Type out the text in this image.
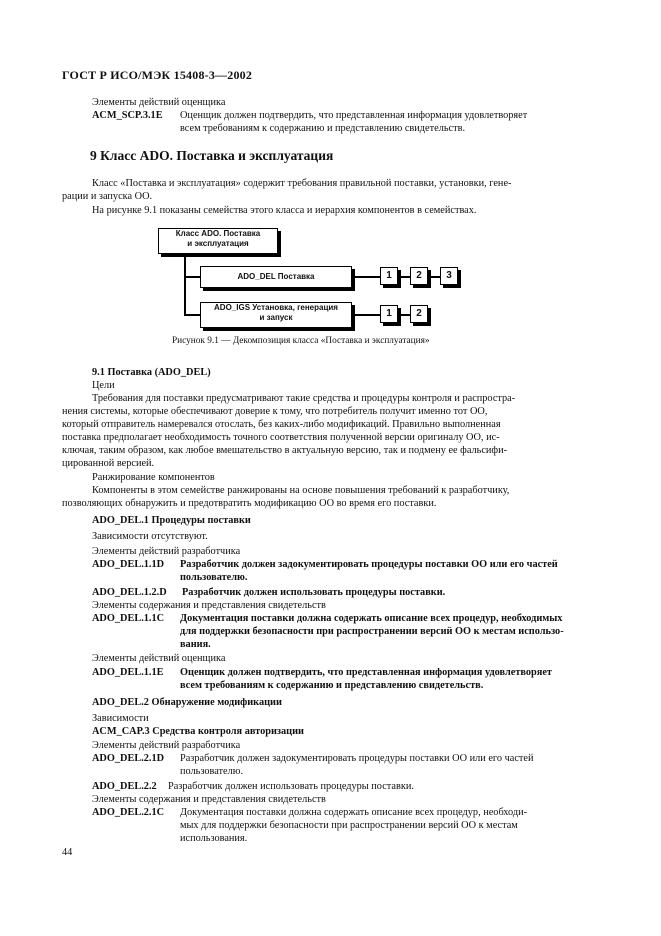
ГОСТ Р ИСО/МЭК 15408-3—2002
Элементы действий оценщика
ACM_SCP.3.1E Оценщик должен подтвердить, что представленная информация удовлетворяет
всем требованиям к содержанию и представлению свидетельств.
9 Класс ADO. Поставка и эксплуатация
Класс «Поставка и эксплуатация» содержит требования правильной поставки, установки, гене-
рации и запуска ОО.
На рисунке 9.1 показаны семейства этого класса и иерархия компонентов в семействах.
Класс ADO. Поставка
и эксплуатация
ADO_DEL Поставка	1	2	3
ADO_IGS Установка, генерация
и запуск	1	2
Рисунок 9.1 — Декомпозиция класса «Поставка и эксплуатация»
9.1 Поставка (ADO_DEL)
Цели
Требования для поставки предусматривают такие средства и процедуры контроля и распростра-
нения системы, которые обеспечивают доверие к тому, что потребитель получит именно тот ОО,
который отправитель намеревался отослать, без каких-либо модификаций. Правильно выполненная
поставка предполагает необходимость точного соответствия полученной версии оригиналу ОО, ис-
ключая, таким образом, как любое вмешательство в актуальную версию, так и подмену ее фальсифи-
цированной версией.
Ранжирование компонентов
Компоненты в этом семействе ранжированы на основе повышения требований к разработчику,
позволяющих обнаружить и предотвратить модификацию ОО во время его поставки.
ADO_DEL.1 Процедуры поставки
Зависимости отсутствуют.
Элементы действий разработчика
ADO_DEL.1.1D Разработчик должен задокументировать процедуры поставки ОО или его частей
пользователю.
ADO_DEL.1.2.D Разработчик должен использовать процедуры поставки.
Элементы содержания и представления свидетельств
ADO_DEL.1.1C Документация поставки должна содержать описание всех процедур, необходимых
для поддержки безопасности при распространении версий ОО к местам использо-
вания.
Элементы действий оценщика
ADO_DEL.1.1E Оценщик должен подтвердить, что представленная информация удовлетворяет
всем требованиям к содержанию и представлению свидетельств.
ADO_DEL.2 Обнаружение модификации
Зависимости
ACM_CAP.3 Средства контроля авторизации
Элементы действий разработчика
ADO_DEL.2.1D Разработчик должен задокументировать процедуры поставки ОО или его частей
пользователю.
ADO_DEL.2.2 Разработчик должен использовать процедуры поставки.
Элементы содержания и представления свидетельств
ADO_DEL.2.1C Документация поставки должна содержать описание всех процедур, необходи-
мых для поддержки безопасности при распространении версий ОО к местам
использования.
44
